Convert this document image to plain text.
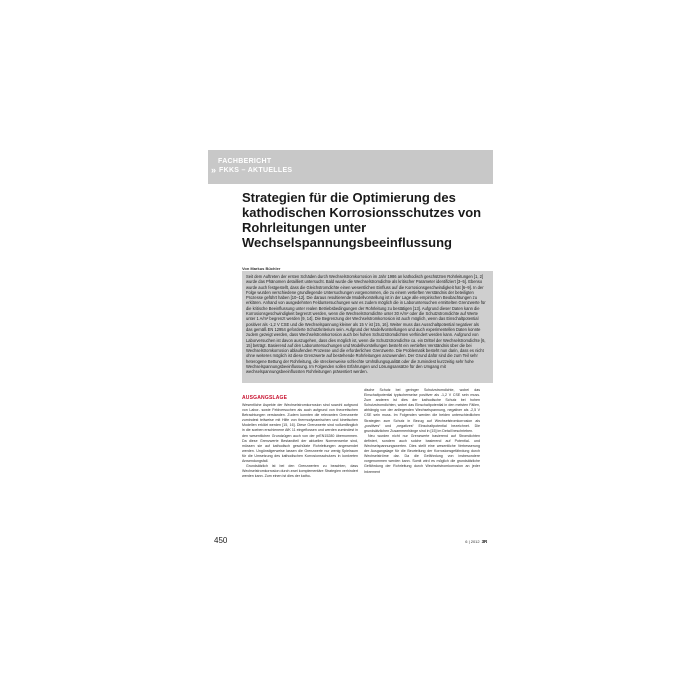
FACHBERICHT
» FKKS – AKTUELLES
Strategien für die Optimierung des kathodischen Korrosionsschutzes von Rohrleitungen unter Wechselspannungsbeeinflussung
Von Markus Büchler

Seit dem Auftreten der ersten Schäden durch Wechselstromkorrosion im Jahr 1986 an kathodisch geschützten Rohrleitungen [1, 2] wurde das Phänomen detailliert untersucht. Bald wurde die Wechselstromdichte als kritischer Parameter identifiziert [3–5]. Ebenso wurde auch festgestellt, dass die Gleichstromdichte einen wesentlichen Einfluss auf die Korrosionsgeschwindigkeit hat [6–9]. In der Folge wurden verschiedene grundlegende Untersuchungen vorgenommen, die zu einem vertieften Verständnis der beteiligten Prozesse geführt haben [10–12]. Die daraus resultierende Modellvorstellung ist in der Lage alle empirischen Beobachtungen zu erklären. Anhand von ausgedehnten Felduntersuchungen war es zudem möglich die in Laboruntersuchen ermittelten Grenzwerte für die kritische Beeinflussung unter realen Betriebsbedingungen der Rohrleitung zu bestätigen [13]. Aufgrund dieser Daten kann die Korrosionsgeschwindigkeit begrenzt werden, wenn die Wechselstromdichte unter 30 A/m² oder die Schutzstromdichte auf Werte unter 1 A/m² begrenzt werden [9, 14]. Die Begrenzung der Wechselstromkorrosion ist auch möglich, wenn das Einschaltpotential positiver als -1,2 V CSE und die Wechselspannung kleiner als 15 V ist [15, 16]. Weiter muss das Ausschaltpotential negativer als das gemäß EN 12954 geforderte Schutzkriterium sein. Aufgrund der Modellvorstellungen und auch experimentellen Daten konnte zudem gezeigt werden, dass Wechselstromkorrosion auch bei hohen Schutzstromdichten verhindert werden kann. Aufgrund von Laborversuchen ist davon auszugehen, dass dies möglich ist, wenn die Schutzstromdichte ca. ein Drittel der Wechselstromdichte [6, 15] beträgt. Basierend auf den Laboruntersuchungen und Modellvorstellungen besteht ein vertieftes Verständnis über die bei Wechselstromkorrosion ablaufenden Prozesse und die erforderlichen Grenzwerte. Die Problematik besteht nun darin, dass es nicht ohne weiteres möglich ist diese Grenzwerte auf bestehende Rohrleitungen anzuwenden. Der Grund dafür sind die zum Teil sehr heterogene Bettung der Rohrleitung, die streckenweise schlechte Umhüllungsqualität oder die zumindest kurzzeitig sehr hohe Wechselspannungsbeeinflussung. Im Folgenden sollen Erfahrungen und Lösungsansätze für den Umgang mit wechselspannungsbeeinflussten Rohrleitungen präsentiert werden.

AUSGANGSLAGE

Wesentliche Aspekte der Wechselstromkorrosion sind sowohl aufgrund von Labor- sowie Feldversuchen als auch aufgrund von theoretischen Betrachtungen verstanden. Zudem konnten die relevanten Grenzwerte zumindest teilweise mit Hilfe von thermodynamischen und kinetischen Modellen erklärt werden [15, 16]. Diese Grenzwerte sind vollumfänglich in die soeben erschienene AfK 11 eingeflossen und werden zumindest in den wesentlichen Grundzügen auch von der prEN15280 übernommen. Da diese Grenzwerte Bestandteil der aktuellen Normenwerke sind, müssen sie auf kathodisch geschützte Rohrleitungen angewendet werden. Ungünstigerweise lassen die Grenzwerte nur wenig Spielraum für die Umsetzung des kathodischen Korrosionsschutzes in konkreten Anwendungsfall.

Grundsätzlich ist bei den Grenzwerten zu beachten, dass Wechselstromkorrosion durch zwei komplementäre Strategien verhindert werden kann. Zum einen ist dies der katho-

dische Schutz bei geringer Schutzstromdichte, wobei das Einschaltpotential typischerweise positiver als -1,2 V CSE sein muss. Zum anderen ist dies der kathodische Schutz bei hohen Schutzstromdichten, wobei das Einschaltpotential in den meisten Fällen, abhängig von der anliegenden Wechselspannung, negativer als -2,5 V CSE sein muss. Im Folgenden werden die beiden unterschiedlichen Strategien zum Schutz in Bezug auf Wechselstromkorrosion als „positives“ und „negatives“ Einschaltpotential bezeichnet. Die grundsätzlichen Zusammenhänge sind in [15] im Detail beschrieben.

Neu wurden nicht nur Grenzwerte basierend auf Stromdichten definiert, sondern auch solche basierend auf Potential- und Wechselspannungswerten. Dies stellt eine wesentliche Verbesserung der Ausgangslage für die Beurteilung der Korrosionsgefährdung durch Wechselströme dar. Da die Gefährdung von insbesondere vorgenommen werden kann. Somit wird es möglich die grundsätzliche Gefährdung der Rohrleitung durch Wechselstromkorrosion an jeder Inkrement

450	6 | 2012 3R
